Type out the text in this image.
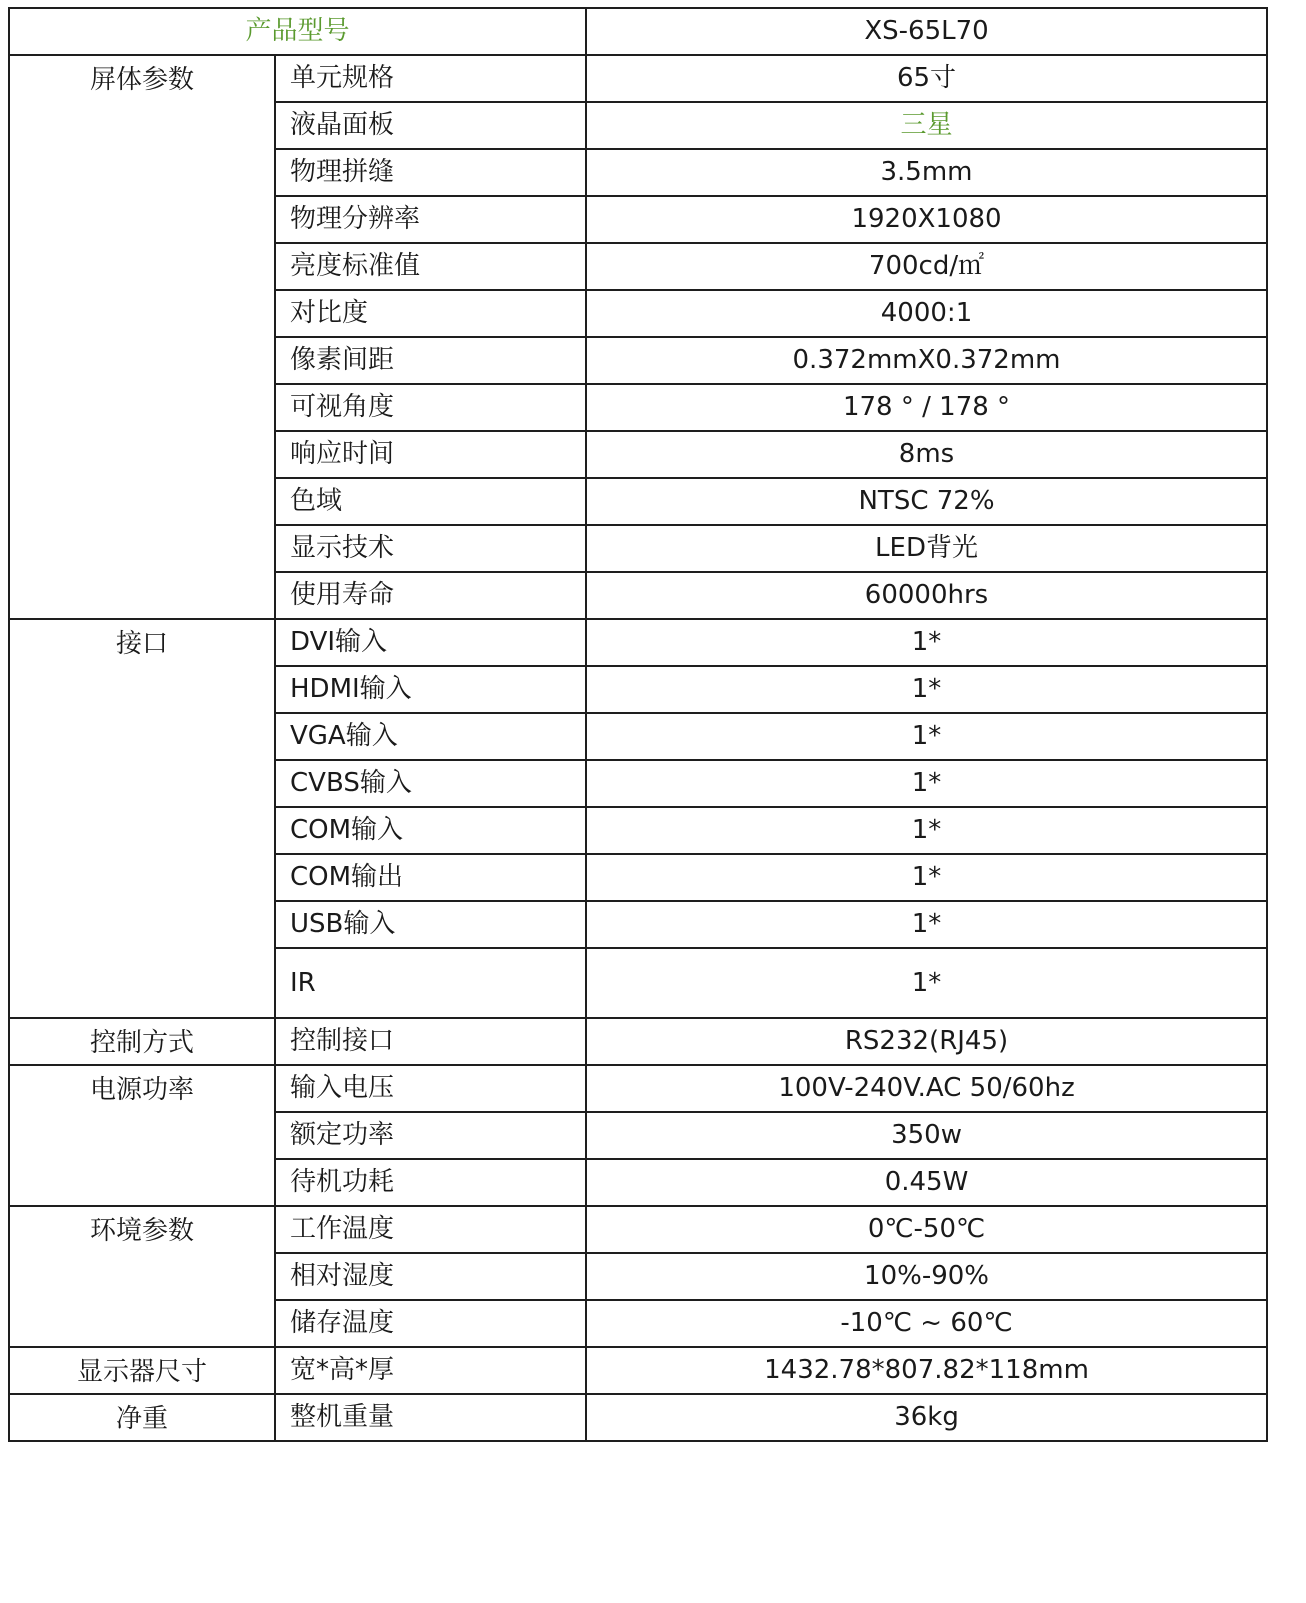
产品型号		XS-65L70
屏体参数	单元规格	65寸
	液晶面板	三星
	物理拼缝	3.5mm
	物理分辨率	1920X1080
	亮度标准值	700cd/㎡
	对比度	4000:1
	像素间距	0.372mmX0.372mm
	可视角度	178 ° / 178 °
	响应时间	8ms
	色域	NTSC 72%
	显示技术	LED背光
	使用寿命	60000hrs
接口	DVI输入	1*
	HDMI输入	1*
	VGA输入	1*
	CVBS输入	1*
	COM输入	1*
	COM输出	1*
	USB输入	1*
	IR	1*
控制方式	控制接口	RS232(RJ45)
电源功率	输入电压	100V-240V.AC 50/60hz
	额定功率	350w
	待机功耗	0.45W
环境参数	工作温度	0℃-50℃
	相对湿度	10%-90%
	储存温度	-10℃ ~ 60℃
显示器尺寸	宽*高*厚	1432.78*807.82*118mm
净重	整机重量	36kg
